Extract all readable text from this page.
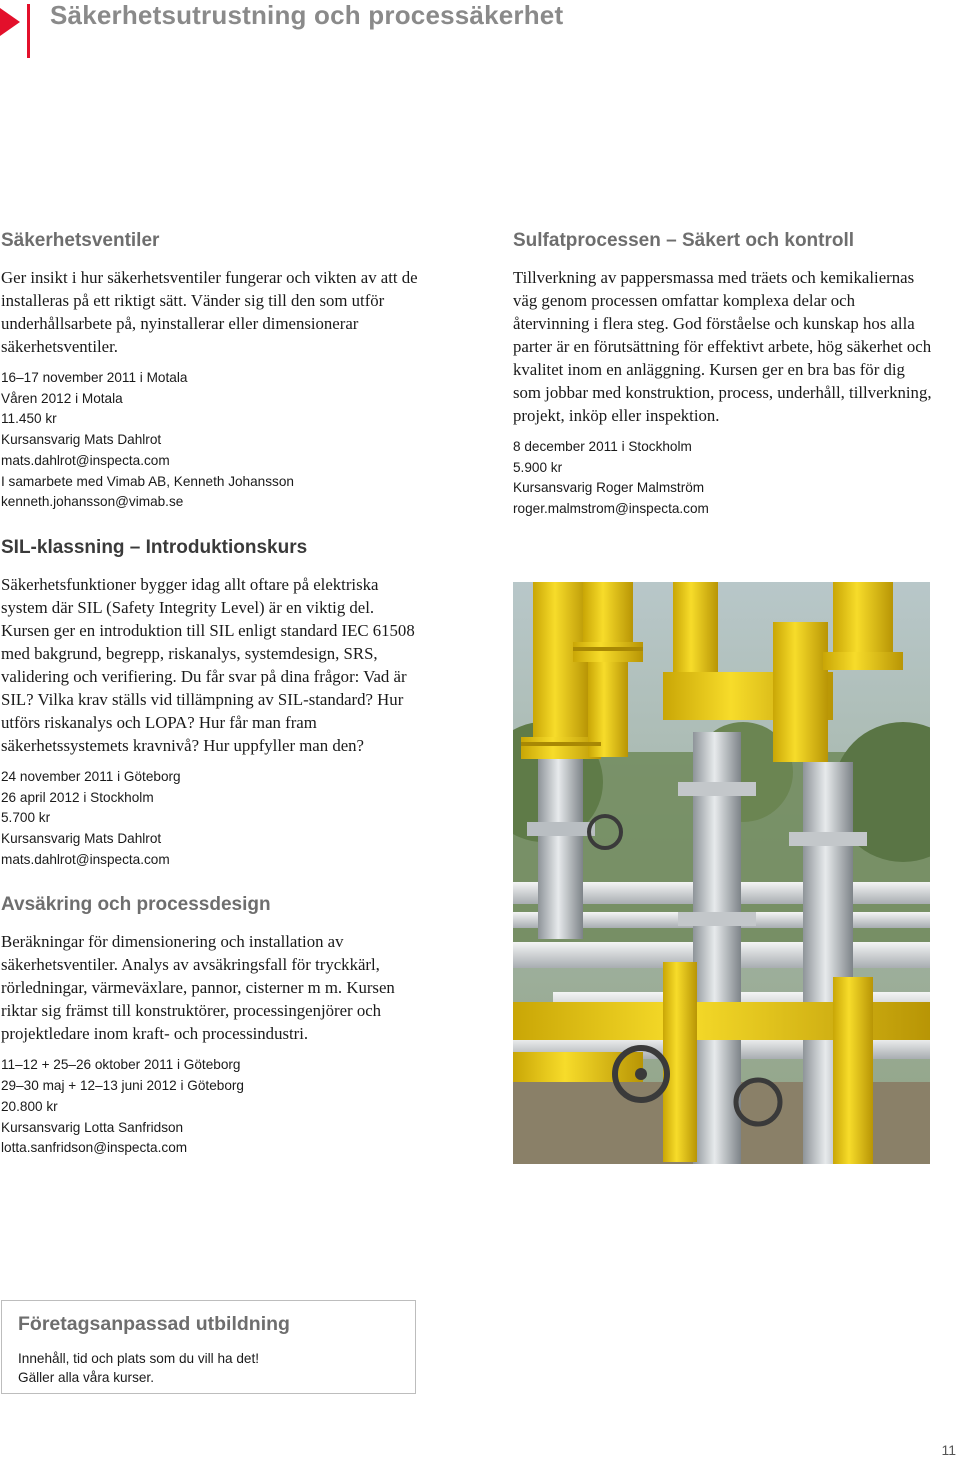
Säkerhetsutrustning och processäkerhet
Säkerhetsventiler

Ger insikt i hur säkerhetsventiler fungerar och vikten av att de installeras på ett riktigt sätt. Vänder sig till den som utför underhållsarbete på, nyinstallerar eller dimensionerar säkerhetsventiler.

16–17 november 2011 i Motala
Våren 2012 i Motala
11.450 kr
Kursansvarig Mats Dahlrot
mats.dahlrot@inspecta.com
I samarbete med Vimab AB, Kenneth Johansson
kenneth.johansson@vimab.se
SIL-klassning – Introduktionskurs

Säkerhetsfunktioner bygger idag allt oftare på elektriska system där SIL (Safety Integrity Level) är en viktig del. Kursen ger en introduktion till SIL enligt standard IEC 61508 med bakgrund, begrepp, riskanalys, systemdesign, SRS, validering och verifiering. Du får svar på dina frågor: Vad är SIL? Vilka krav ställs vid tillämpning av SIL-standard? Hur utförs riskanalys och LOPA? Hur får man fram säkerhetssystemets kravnivå? Hur uppfyller man den?

24 november 2011 i Göteborg
26 april 2012 i Stockholm
5.700 kr
Kursansvarig Mats Dahlrot
mats.dahlrot@inspecta.com
Avsäkring och processdesign

Beräkningar för dimensionering och installation av säkerhetsventiler. Analys av avsäkringsfall för tryckkärl, rörledningar, värmeväxlare, pannor, cisterner m m. Kursen riktar sig främst till konstruktörer, processingenjörer och projektledare inom kraft- och processindustri.

11–12 + 25–26 oktober 2011 i Göteborg
29–30 maj + 12–13 juni 2012 i Göteborg
20.800 kr
Kursansvarig Lotta Sanfridson
lotta.sanfridson@inspecta.com
Sulfatprocessen – Säkert och kontroll

Tillverkning av pappersmassa med träets och kemikaliernas väg genom processen omfattar komplexa delar och återvinning i flera steg. God förståelse och kunskap hos alla parter är en förutsättning för effektivt arbete, hög säkerhet och kvalitet inom en anläggning. Kursen ger en bra bas för dig som jobbar med konstruktion, process, underhåll, tillverkning, projekt, inköp eller inspektion.

8 december 2011 i Stockholm
5.900 kr
Kursansvarig Roger Malmström
roger.malmstrom@inspecta.com
Företagsanpassad utbildning
Innehåll, tid och plats som du vill ha det!
Gäller alla våra kurser.
11
